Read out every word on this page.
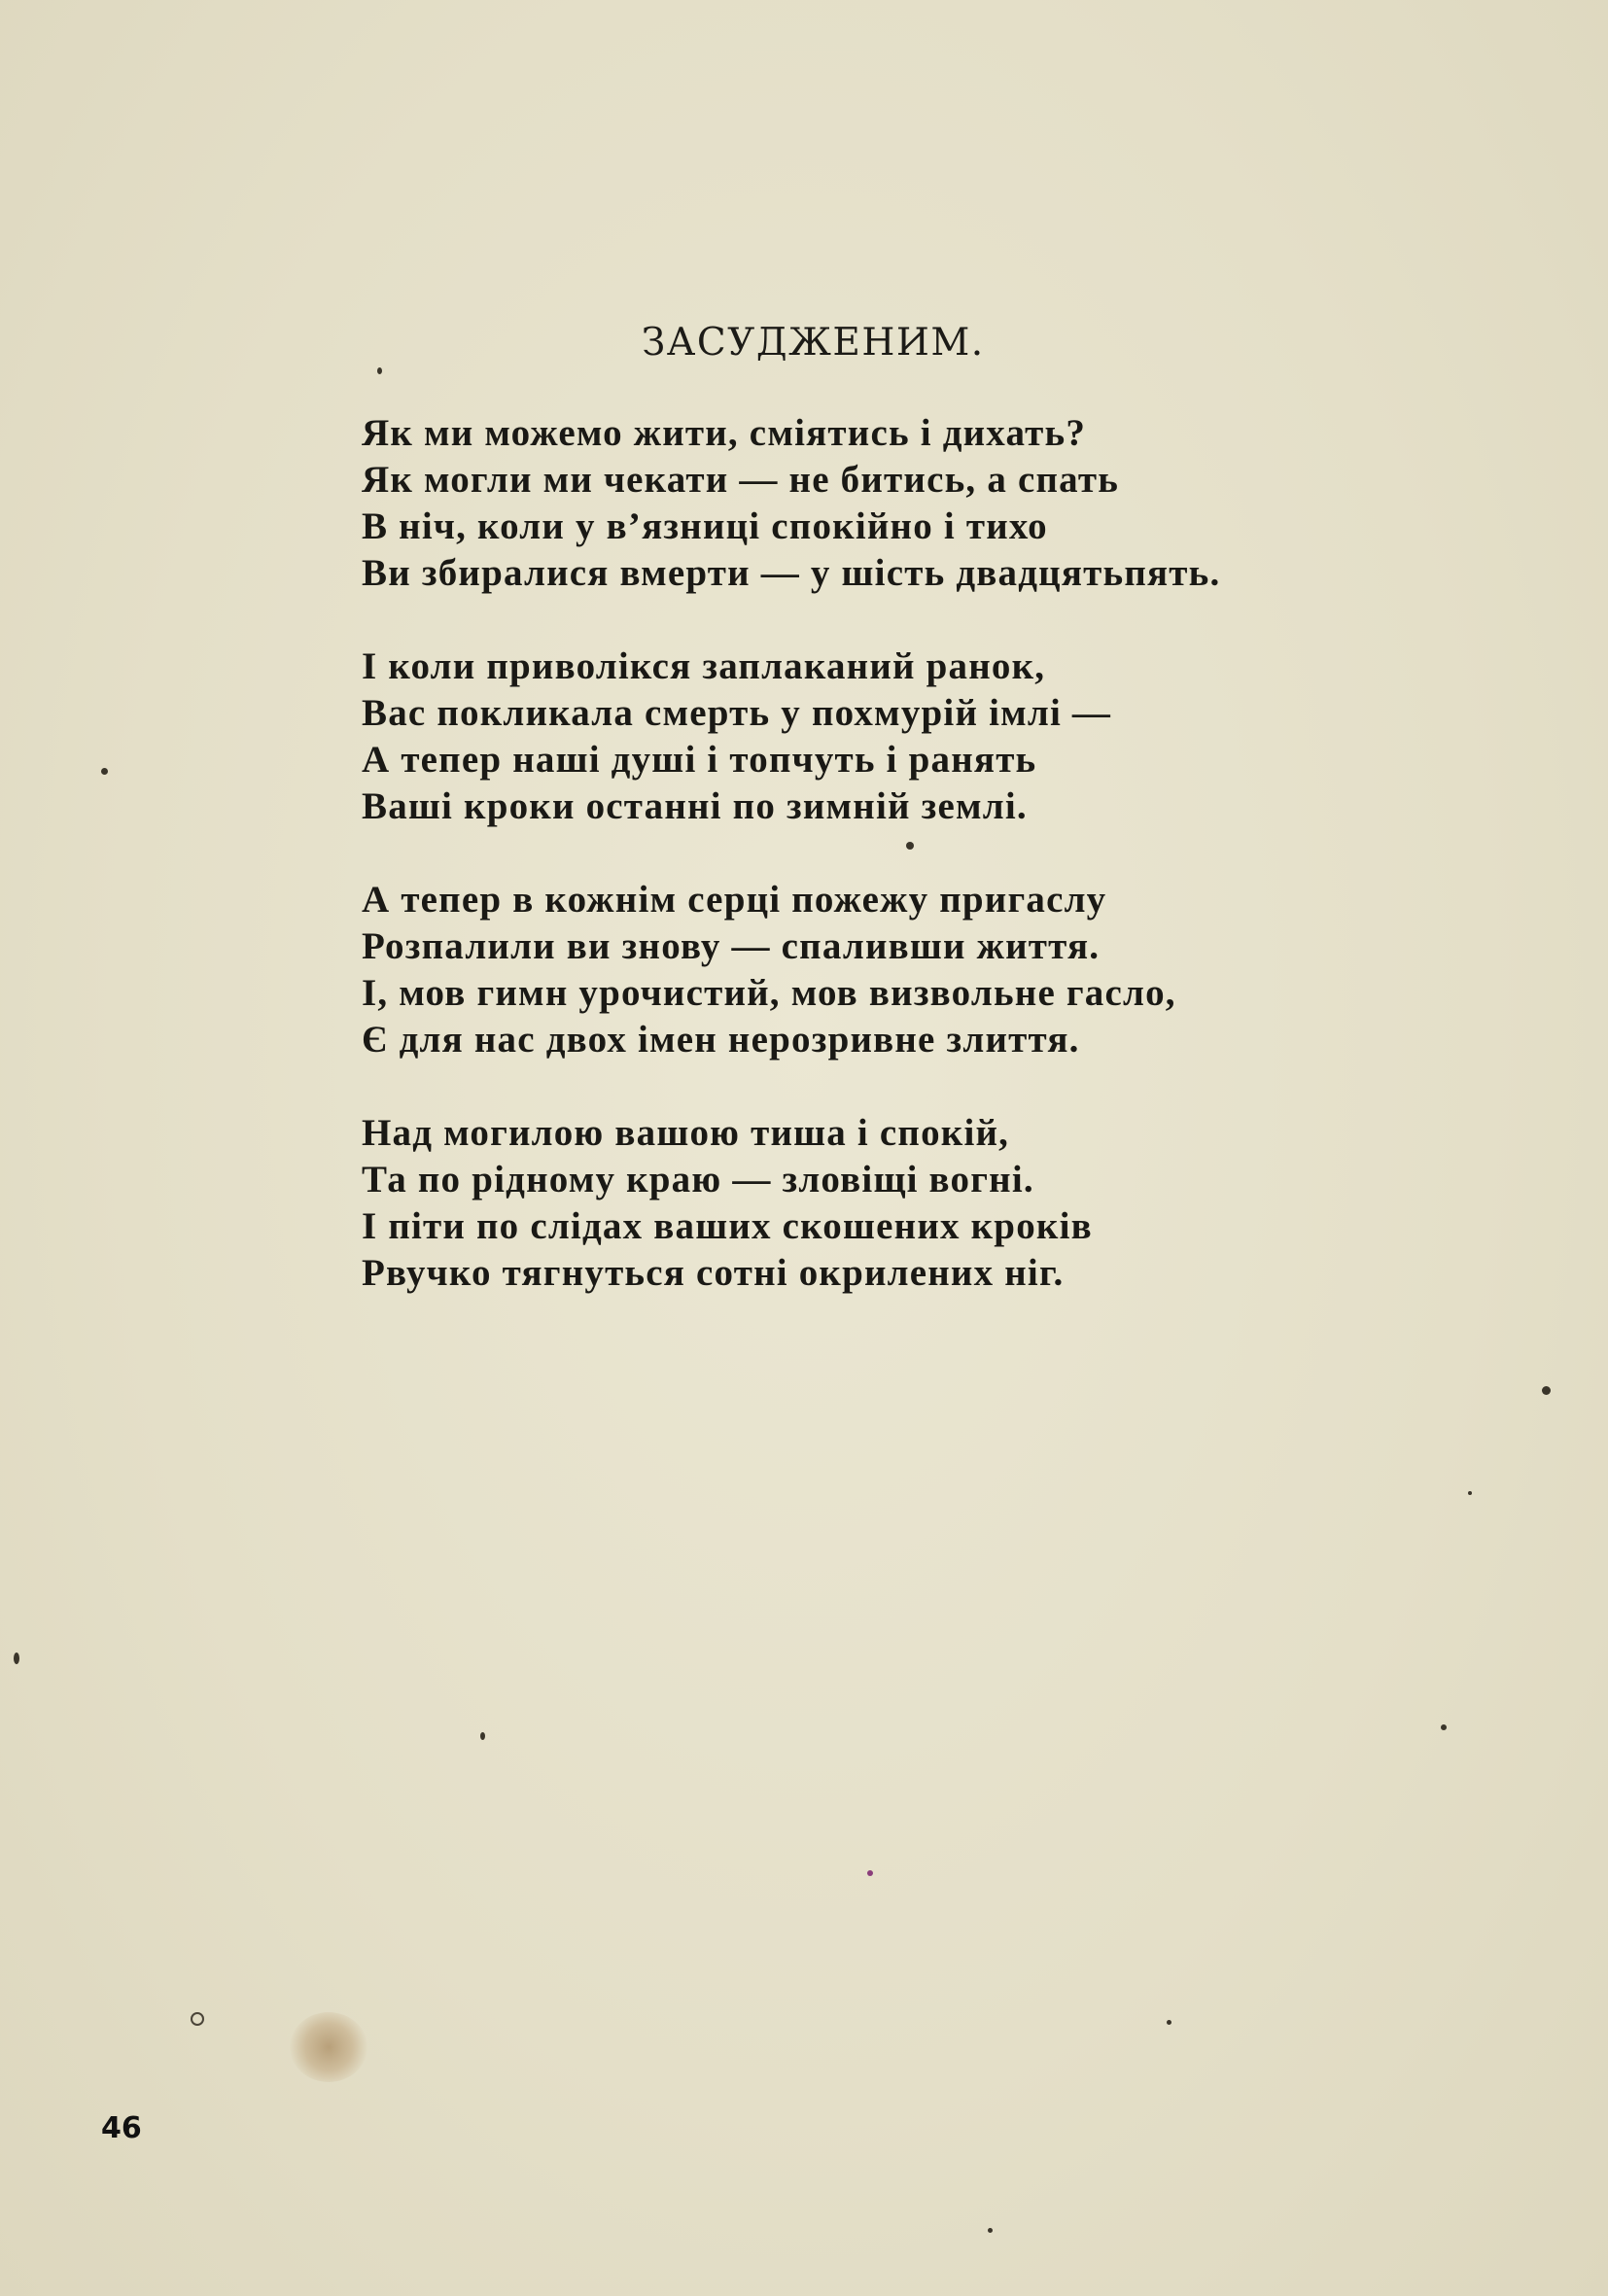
ЗАСУДЖЕНИМ.
Як ми можемо жити, сміятись і дихать?
Як могли ми чекати — не битись, а спать
В ніч, коли у в’язниці спокійно і тихо
Ви збиралися вмерти — у шість двадцятьпять.
І коли приволікся заплаканий ранок,
Вас покликала смерть у похмурій імлі —
А тепер наші душі і топчуть і ранять
Ваші кроки останні по зимній землі.
А тепер в кожнім серці пожежу пригаслу
Розпалили ви знову — спаливши життя.
І, мов гимн урочистий, мов визвольне гасло,
Є для нас двох імен нерозривне злиття.
Над могилою вашою тиша і спокій,
Та по рідному краю — зловіщі вогні.
І піти по слідах ваших скошених кроків
Рвучко тягнуться сотні окрилених ніг.
46
